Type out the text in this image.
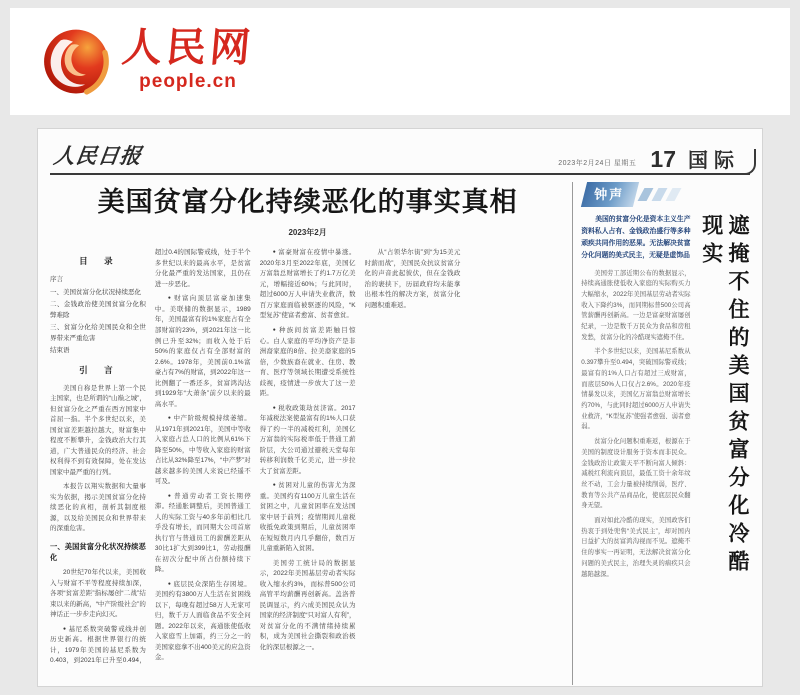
人民网
people.cn
人民日报	2023年2月24日 星期五 17 国际
美国贫富分化持续恶化的事实真相
2023年2月
目　录
序言
一、美国贫富分化状况持续恶化
二、金钱政治使美国贫富分化积弊难除
三、贫富分化给美国民众和全世界带来严重危害
结束语
引　言
美国自称是世界上第一个民主国家，也是所谓的“山巅之城”，但贫富分化之严重在西方国家中首屈一指。半个多世纪以来，美国贫富差距越拉越大，财富集中程度不断攀升，金钱政治大行其道，广大普通民众的经济、社会权利得不到有效保障，处在发达国家中最严重的行列。
本报告以翔实数据和大量事实为依据，揭示美国贫富分化持续恶化的真相，剖析其制度根源，以及给美国民众和世界带来的深重危害。
一、美国贫富分化状况持续恶化
20世纪70年代以来，美国收入与财富不平等程度持续加深，各项“贫富差距”指标屡创“二战”结束以来的新高，“中产阶级社会”的神话正一步步走向幻灭。
● 基尼系数突破警戒线并创历史新高。根据世界银行的统计，1979年美国的基尼系数为0.403，到2021年已升至0.494，超过0.4的国际警戒线，处于半个多世纪以来的最高水平，是贫富分化最严重的发达国家，且仍在进一步恶化。
● 财富向顶层富豪加速集中。美联储的数据显示，1989年，美国最富有的1%家庭占有全部财富的23%，到2021年这一比例已升至32%；而收入处于后50%的家庭仅占有全部财富的2.6%。1978年，美国前0.1%富豪占有7%的财富，到2022年这一比例翻了一番还多，贫富鸿沟达到1929年“大萧条”前夕以来的最高水平。
● 中产阶级规模持续萎缩。从1971年到2021年，美国中等收入家庭占总人口的比例从61%下降至50%，中等收入家庭的财富占比从32%降至17%，“中产梦”对越来越多的美国人来说已经遥不可及。
● 普通劳动者工资长期停滞。经通胀调整后，美国普通工人的实际工资与40多年前相比几乎没有增长，而同期大公司首席执行官与普通员工的薪酬差距从30比1扩大到399比1，劳动报酬在初次分配中所占份额持续下降。
● 底层民众深陷生存困境。美国约有3800万人生活在贫困线以下，每晚有超过58万人无家可归，数千万人面临食品不安全问题。2022年以来，高通胀使低收入家庭雪上加霜，约三分之一的美国家庭拿不出400美元的应急资金。
● 富豪财富在疫情中暴涨。2020年3月至2022年底，美国亿万富翁总财富增长了约1.7万亿美元，增幅接近60%；与此同时，超过6000万人申请失业救济，数百万家庭面临被驱逐的风险，“K型复苏”使富者愈富、贫者愈贫。
● 种族间贫富差距触目惊心。白人家庭的平均净资产是非洲裔家庭的8倍、拉美裔家庭的5倍，少数族裔在就业、住房、教育、医疗等领域长期遭受系统性歧视，疫情进一步放大了这一差距。
● 税收政策劫贫济富。2017年减税法案使最富有的1%人口获得了约一半的减税红利，美国亿万富翁的实际税率低于普通工薪阶层，大公司通过避税天堂每年转移利润数千亿美元，进一步拉大了贫富差距。
● 贫困对儿童的伤害尤为深重。美国约有1100万儿童生活在贫困之中，儿童贫困率在发达国家中居于前列；疫情期间儿童税收抵免政策到期后，儿童贫困率在短短数月内几乎翻倍，数百万儿童重新陷入贫困。
美国劳工统计局的数据显示，2022年美国基层劳动者实际收入缩水约3%，而标普500公司高管平均薪酬再创新高。盖洛普民调显示，约六成美国民众认为国家的经济制度“只对富人有利”，对贫富分化的不满情绪持续累积，成为美国社会撕裂和政治极化的深层根源之一。
从“占领华尔街”到“为15美元时薪而战”，美国民众抗议贫富分化的声音此起彼伏，但在金钱政治的裹挟下，历届政府均未能拿出根本性的解决方案，贫富分化问题积重难返。
钟声
遮掩不住的美国贫富分化冷酷现实

美国的贫富分化是资本主义生产资料私人占有、金钱政治盛行等多种顽疾共同作用的恶果。无法解决贫富分化问题的美式民主，无疑是虚饰品

美国劳工部近期公布的数据显示，持续高通胀使低收入家庭的实际购买力大幅缩水，2022年美国基层劳动者实际收入下降约3%，而同期标普500公司高管薪酬再创新高。一边是富豪财富屡创纪录，一边是数千万民众为食品和房租发愁，贫富分化的冷酷现实遮掩不住。

半个多世纪以来，美国基尼系数从0.397攀升至0.494，突破国际警戒线；最富有的1%人口占有超过三成财富，而底层50%人口仅占2.6%。2020年疫情暴发以来，美国亿万富翁总财富增长约70%，与此同时超过6000万人申请失业救济，“K型复苏”使强者愈强、弱者愈弱。

贫富分化问题积重难返，根源在于美国的制度设计服务于资本而非民众。金钱政治让政策天平不断向富人倾斜：减税红利流向顶层，最低工资十余年纹丝不动，工会力量被持续削弱，医疗、教育等公共产品商品化，使底层民众翻身无望。

面对如此冷酷的现实，美国政客们热衷于到处兜售“美式民主”，却对国内日益扩大的贫富鸿沟视而不见。遮掩不住的事实一再证明，无法解决贫富分化问题的美式民主，治理失灵的痼疾只会越陷越深。
